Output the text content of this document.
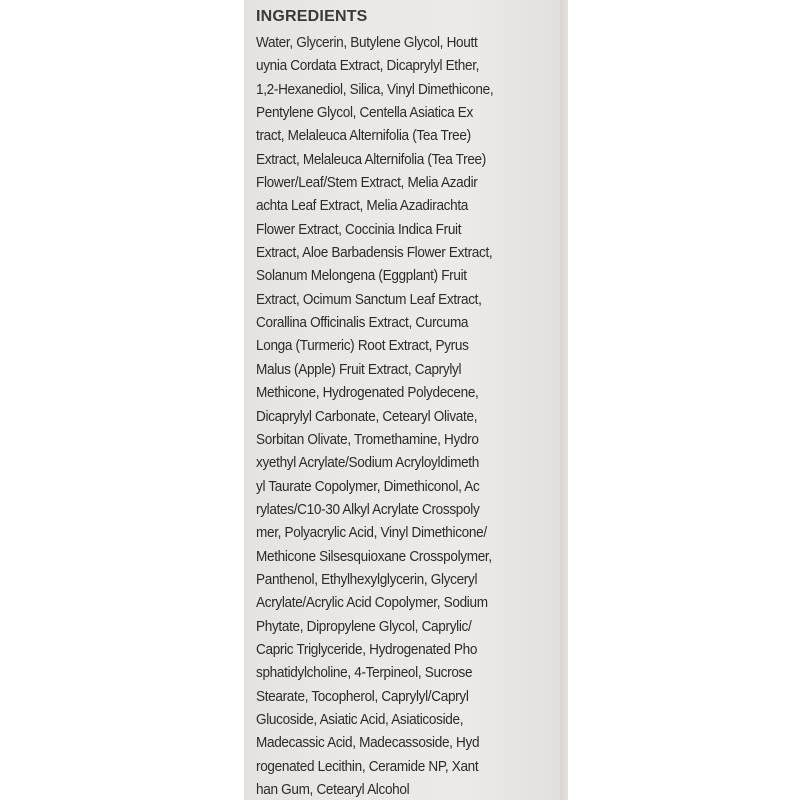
INGREDIENTS
Water, Glycerin, Butylene Glycol, Houtt
uynia Cordata Extract, Dicaprylyl Ether,
1,2-Hexanediol, Silica, Vinyl Dimethicone,
Pentylene Glycol, Centella Asiatica Ex
tract, Melaleuca Alternifolia (Tea Tree)
Extract, Melaleuca Alternifolia (Tea Tree)
Flower/Leaf/Stem Extract, Melia Azadir
achta Leaf Extract, Melia Azadirachta
Flower Extract, Coccinia Indica Fruit
Extract, Aloe Barbadensis Flower Extract,
Solanum Melongena (Eggplant) Fruit
Extract, Ocimum Sanctum Leaf Extract,
Corallina Officinalis Extract, Curcuma
Longa (Turmeric) Root Extract, Pyrus
Malus (Apple) Fruit Extract, Caprylyl
Methicone, Hydrogenated Polydecene,
Dicaprylyl Carbonate, Cetearyl Olivate,
Sorbitan Olivate, Tromethamine, Hydro
xyethyl Acrylate/Sodium Acryloyldimeth
yl Taurate Copolymer, Dimethiconol, Ac
rylates/C10-30 Alkyl Acrylate Crosspoly
mer, Polyacrylic Acid, Vinyl Dimethicone/
Methicone Silsesquioxane Crosspolymer,
Panthenol, Ethylhexylglycerin, Glyceryl
Acrylate/Acrylic Acid Copolymer, Sodium
Phytate, Dipropylene Glycol, Caprylic/
Capric Triglyceride, Hydrogenated Pho
sphatidylcholine, 4-Terpineol, Sucrose
Stearate, Tocopherol, Caprylyl/Capryl
Glucoside, Asiatic Acid, Asiaticoside,
Madecassic Acid, Madecassoside, Hyd
rogenated Lecithin, Ceramide NP, Xant
han Gum, Cetearyl Alcohol
